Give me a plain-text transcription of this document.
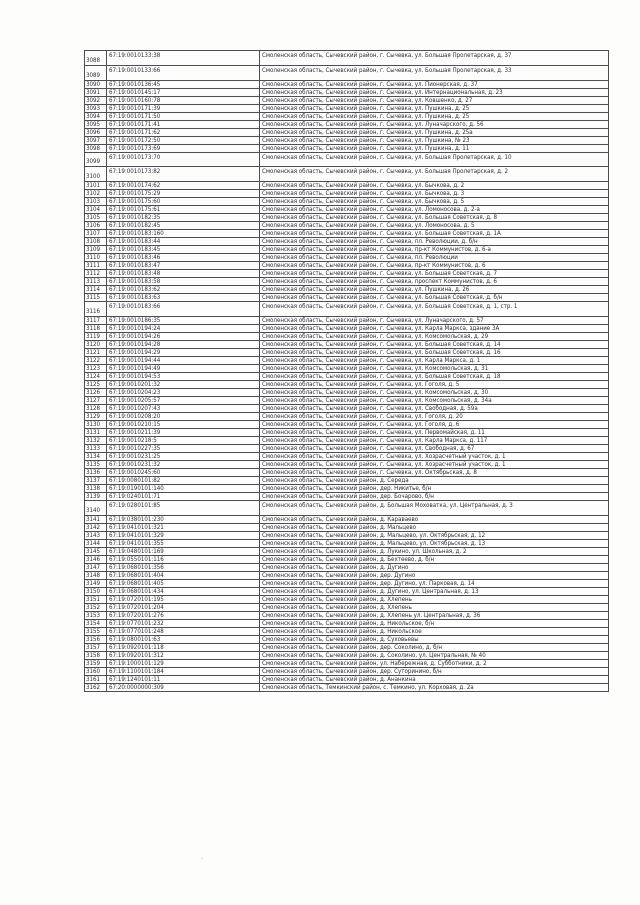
3088	67:19:0010133:38	Смоленская область, Сычевский район, г. Сычевка, ул. Большая Пролетарская, д. 37
3089	67:19:0010133:66	Смоленская область, Сычевский район, г. Сычевка, ул. Большая Пролетарская, д. 33
3090	67:19:0010136:45	Смоленская область, Сычевский район, г. Сычевка, ул. Пионерская, д. 37
3091	67:19:0010145:17	Смоленская область, Сычевский район, г. Сычевка, ул. Интернациональная, д. 23
3092	67:19:0010160:78	Смоленская область, Сычевский район, г. Сычевка, ул. Ковшенко, д. 27
3093	67:19:0010171:39	Смоленская область, Сычевский район, г. Сычевка, ул. Пушкина, д. 25
3094	67:19:0010171:50	Смоленская область, Сычевский район, г. Сычевка, ул. Пушкина, д. 25
3095	67:19:0010171:41	Смоленская область, Сычевский район, г. Сычевка, ул. Луначарского, д. 56
3096	67:19:0010171:62	Смоленская область, Сычевский район, г. Сычевка, ул. Пушкина, д. 25а
3097	67:19:0010172:50	Смоленская область, Сычевский район, г. Сычевка, ул. Пушкина, № 23
3098	67:19:0010173:69	Смоленская область, Сычевский район, г. Сычевка, ул. Пушкина, д. 11
3099	67:19:0010173:70	Смоленская область, Сычевский район, г. Сычевка, ул. Большая Пролетарская, д. 10
3100	67:19:0010173:82	Смоленская область, Сычевский район, г. Сычевка, ул. Большая Пролетарская, д. 2
3101	67:19:0010174:62	Смоленская область, Сычевский район, г. Сычевка, ул. Бычкова, д. 2
3102	67:19:0010175:29	Смоленская область, Сычевский район, г. Сычевка, ул. Бычкова, д. 3
3103	67:19:0010175:60	Смоленская область, Сычевский район, г. Сычевка, ул. Бычкова, д. 5
3104	67:19:0010175:61	Смоленская область, Сычевский район, г. Сычевка, ул. Ломоносова, д. 2-а
3105	67:19:0010182:35	Смоленская область, Сычевский район, г. Сычевка, ул. Большая Советская, д. 8
3106	67:19:0010182:45	Смоленская область, Сычевский район, г. Сычевка, ул. Ломоносова, д. 5
3107	67:19:0010183:160	Смоленская область, Сычевский район, г. Сычевка, ул. Большая Советская, д. 1А
3108	67:19:0010183:44	Смоленская область, Сычевский район, г. Сычевка, пл. Революции, д. б/н
3109	67:19:0010183:45	Смоленская область, Сычевский район, г. Сычевка, пр-кт Коммунистов, д. 6-а
3110	67:19:0010183:46	Смоленская область, Сычевский район, г. Сычевка, пл. Революции
3111	67:19:0010183:47	Смоленская область, Сычевский район, г. Сычевка, пр-кт Коммунистов, д. 6
3112	67:19:0010183:48	Смоленская область, Сычевский район, г. Сычевка, ул. Большая Советская, д. 7
3113	67:19:0010183:58	Смоленская область, Сычевский район, г. Сычевка, проспект Коммунистов, д. 6
3114	67:19:0010183:62	Смоленская область, Сычевский район, г. Сычевка, ул. Пушкина, д. 26
3115	67:19:0010183:63	Смоленская область, Сычевский район, г. Сычевка, ул. Большая Советская, д. б/н
3116	67:19:0010183:66	Смоленская область, Сычевский район, г. Сычевка, ул. Большая Советская, д. 1, стр. 1
3117	67:19:0010186:35	Смоленская область, Сычевский район, г. Сычевка, ул. Луначарского, д. 57
3118	67:19:0010194:24	Смоленская область, Сычевский район, г. Сычевка, ул. Карла Маркса, здание 3А
3119	67:19:0010194:26	Смоленская область, Сычевский район, г. Сычевка, ул. Комсомольская, д. 29
3120	67:19:0010194:28	Смоленская область, Сычевский район, г. Сычевка, ул. Большая Советская, д. 14
3121	67:19:0010194:29	Смоленская область, Сычевский район, г. Сычевка, ул. Большая Советская, д. 16
3122	67:19:0010194:44	Смоленская область, Сычевский район, г. Сычевка, ул. Карла Маркса, д. 1
3123	67:19:0010194:49	Смоленская область, Сычевский район, г. Сычевка, ул. Комсомольская, д. 31
3124	67:19:0010194:53	Смоленская область, Сычевский район, г. Сычевка, ул. Большая Советская, д. 18
3125	67:19:0010201:32	Смоленская область, Сычевский район, г. Сычевка, ул. Гоголя, д. 5
3126	67:19:0010204:23	Смоленская область, Сычевский район, г. Сычевка, ул. Комсомольская, д. 30
3127	67:19:0010205:57	Смоленская область, Сычевский район, г. Сычевка, ул. Комсомольская, д. 34а
3128	67:19:0010207:43	Смоленская область, Сычевский район, г. Сычевка, ул. Свободная, д. 59а
3129	67:19:0010208:20	Смоленская область, Сычевский район, г. Сычевка, ул. Гоголя, д. 20
3130	67:19:0010210:15	Смоленская область, Сычевский район, г. Сычевка, ул. Гоголя, д. 6
3131	67:19:0010211:39	Смоленская область, Сычевский район, г. Сычевка, ул. Первомайская, д. 11
3132	67:19:0010218:5	Смоленская область, Сычевский район, г. Сычевка, ул. Карла Маркса, д. 117
3133	67:19:0010227:35	Смоленская область, Сычевский район, г. Сычевка, ул. Свободная, д. 67
3134	67:19:0010231:25	Смоленская область, Сычевский район, г. Сычевка, ул. Хозрасчетный участок, д. 1
3135	67:19:0010231:32	Смоленская область, Сычевский район, г. Сычевка, ул. Хозрасчетный участок, д. 1
3136	67:19:0010245:60	Смоленская область, Сычевский район, г. Сычевка, ул. Октябрьская, д. 8
3137	67:19:0080101:82	Смоленская область, Сычевский район, д. Середа
3138	67:19:0190101:140	Смоленская область, Сычевский район, дер. Никитье, б/н
3139	67:19:0240101:71	Смоленская область, Сычевский район, дер. Бочарово, б/н
3140	67:19:0280101:85	Смоленская область, Сычевский район, д. Большая Моховатка, ул. Центральная, д. 3
3141	67:19:0380101:230	Смоленская область, Сычевский район, д. Караваево
3142	67:19:0410101:321	Смоленская область, Сычевский район, д. Мальцево
3143	67:19:0410101:329	Смоленская область, Сычевский район, д. Мальцево, ул. Октябрьская, д. 12
3144	67:19:0410101:355	Смоленская область, Сычевский район, д. Мальцево, ул. Октябрьская, д. 13
3145	67:19:0480101:169	Смоленская область, Сычевский район, д. Лукино, ул. Школьная, д. 2
3146	67:19:0550101:116	Смоленская область, Сычевский район, д. Бехтеево, д. б/н
3147	67:19:0680101:356	Смоленская область, Сычевский район, д. Дугино
3148	67:19:0680101:404	Смоленская область, Сычевский район, дер. Дугино
3149	67:19:0680101:405	Смоленская область, Сычевский район, дер. Дугино, ул. Парковая, д. 14
3150	67:19:0680101:434	Смоленская область, Сычевский район, д. Дугино, ул. Центральная, д. 13
3151	67:19:0720101:195	Смоленская область, Сычевский район, д. Хлепень
3152	67:19:0720101:204	Смоленская область, Сычевский район, д. Хлепень
3153	67:19:0720101:276	Смоленская область, Сычевский район, д. Хлепень ул. Центральная, д. 36
3154	67:19:0770101:232	Смоленская область, Сычевский район, д. Никольское, б/н
3155	67:19:0770101:248	Смоленская область, Сычевский район, д. Никольское
3156	67:19:0800101:63	Смоленская область, Сычевский район, д. Суховьевы
3157	67:19:0920101:118	Смоленская область, Сычевский район, дер. Соколино, д. б/н
3158	67:19:0920101:312	Смоленская область, Сычевский район, д. Соколино, ул. Центральная, № 40
3159	67:19:1000101:129	Смоленская область, Сычевский район, ул. Набережная, д. Субботники, д. 2
3160	67:19:1100101:184	Смоленская область, Сычевский район, дер. Суторинино, б/н
3161	67:19:1240101:11	Смоленская область, Сычевский район, д. Ананкина
3162	67:20:0000000:309	Смоленская область, Темкинский район, с. Темкино, ул. Корховая, д. 2а
·
